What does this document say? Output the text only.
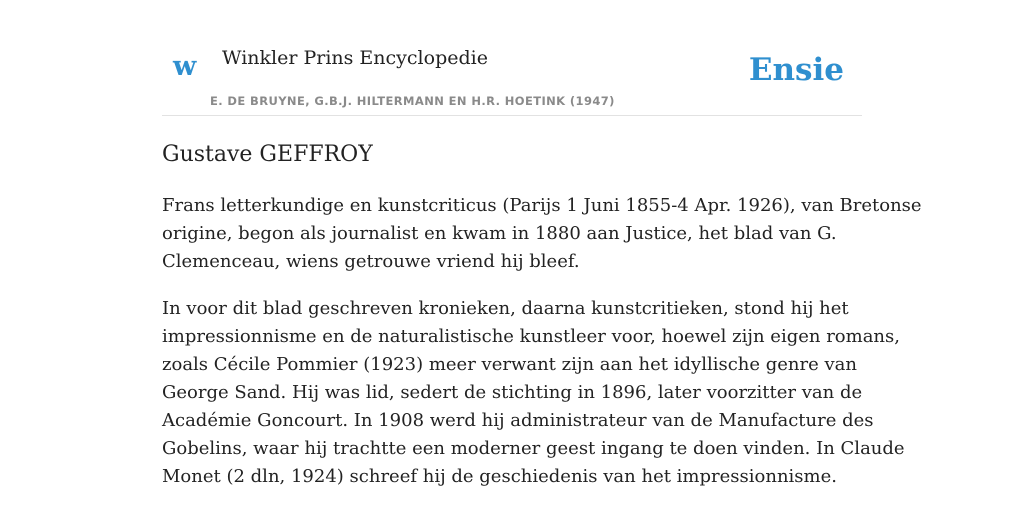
w Winkler Prins Encyclopedie
E. DE BRUYNE, G.B.J. HILTERMANN EN H.R. HOETINK (1947)
Ensie
Gustave GEFFROY

Frans letterkundige en kunstcriticus (Parijs 1 Juni 1855-4 Apr. 1926), van Bretonse
origine, begon als journalist en kwam in 1880 aan Justice, het blad van G.
Clemenceau, wiens getrouwe vriend hij bleef.

In voor dit blad geschreven kronieken, daarna kunstcritieken, stond hij het
impressionnisme en de naturalistische kunstleer voor, hoewel zijn eigen romans,
zoals Cécile Pommier (1923) meer verwant zijn aan het idyllische genre van
George Sand. Hij was lid, sedert de stichting in 1896, later voorzitter van de
Académie Goncourt. In 1908 werd hij administrateur van de Manufacture des
Gobelins, waar hij trachtte een moderner geest ingang te doen vinden. In Claude
Monet (2 dln, 1924) schreef hij de geschiedenis van het impressionnisme.
